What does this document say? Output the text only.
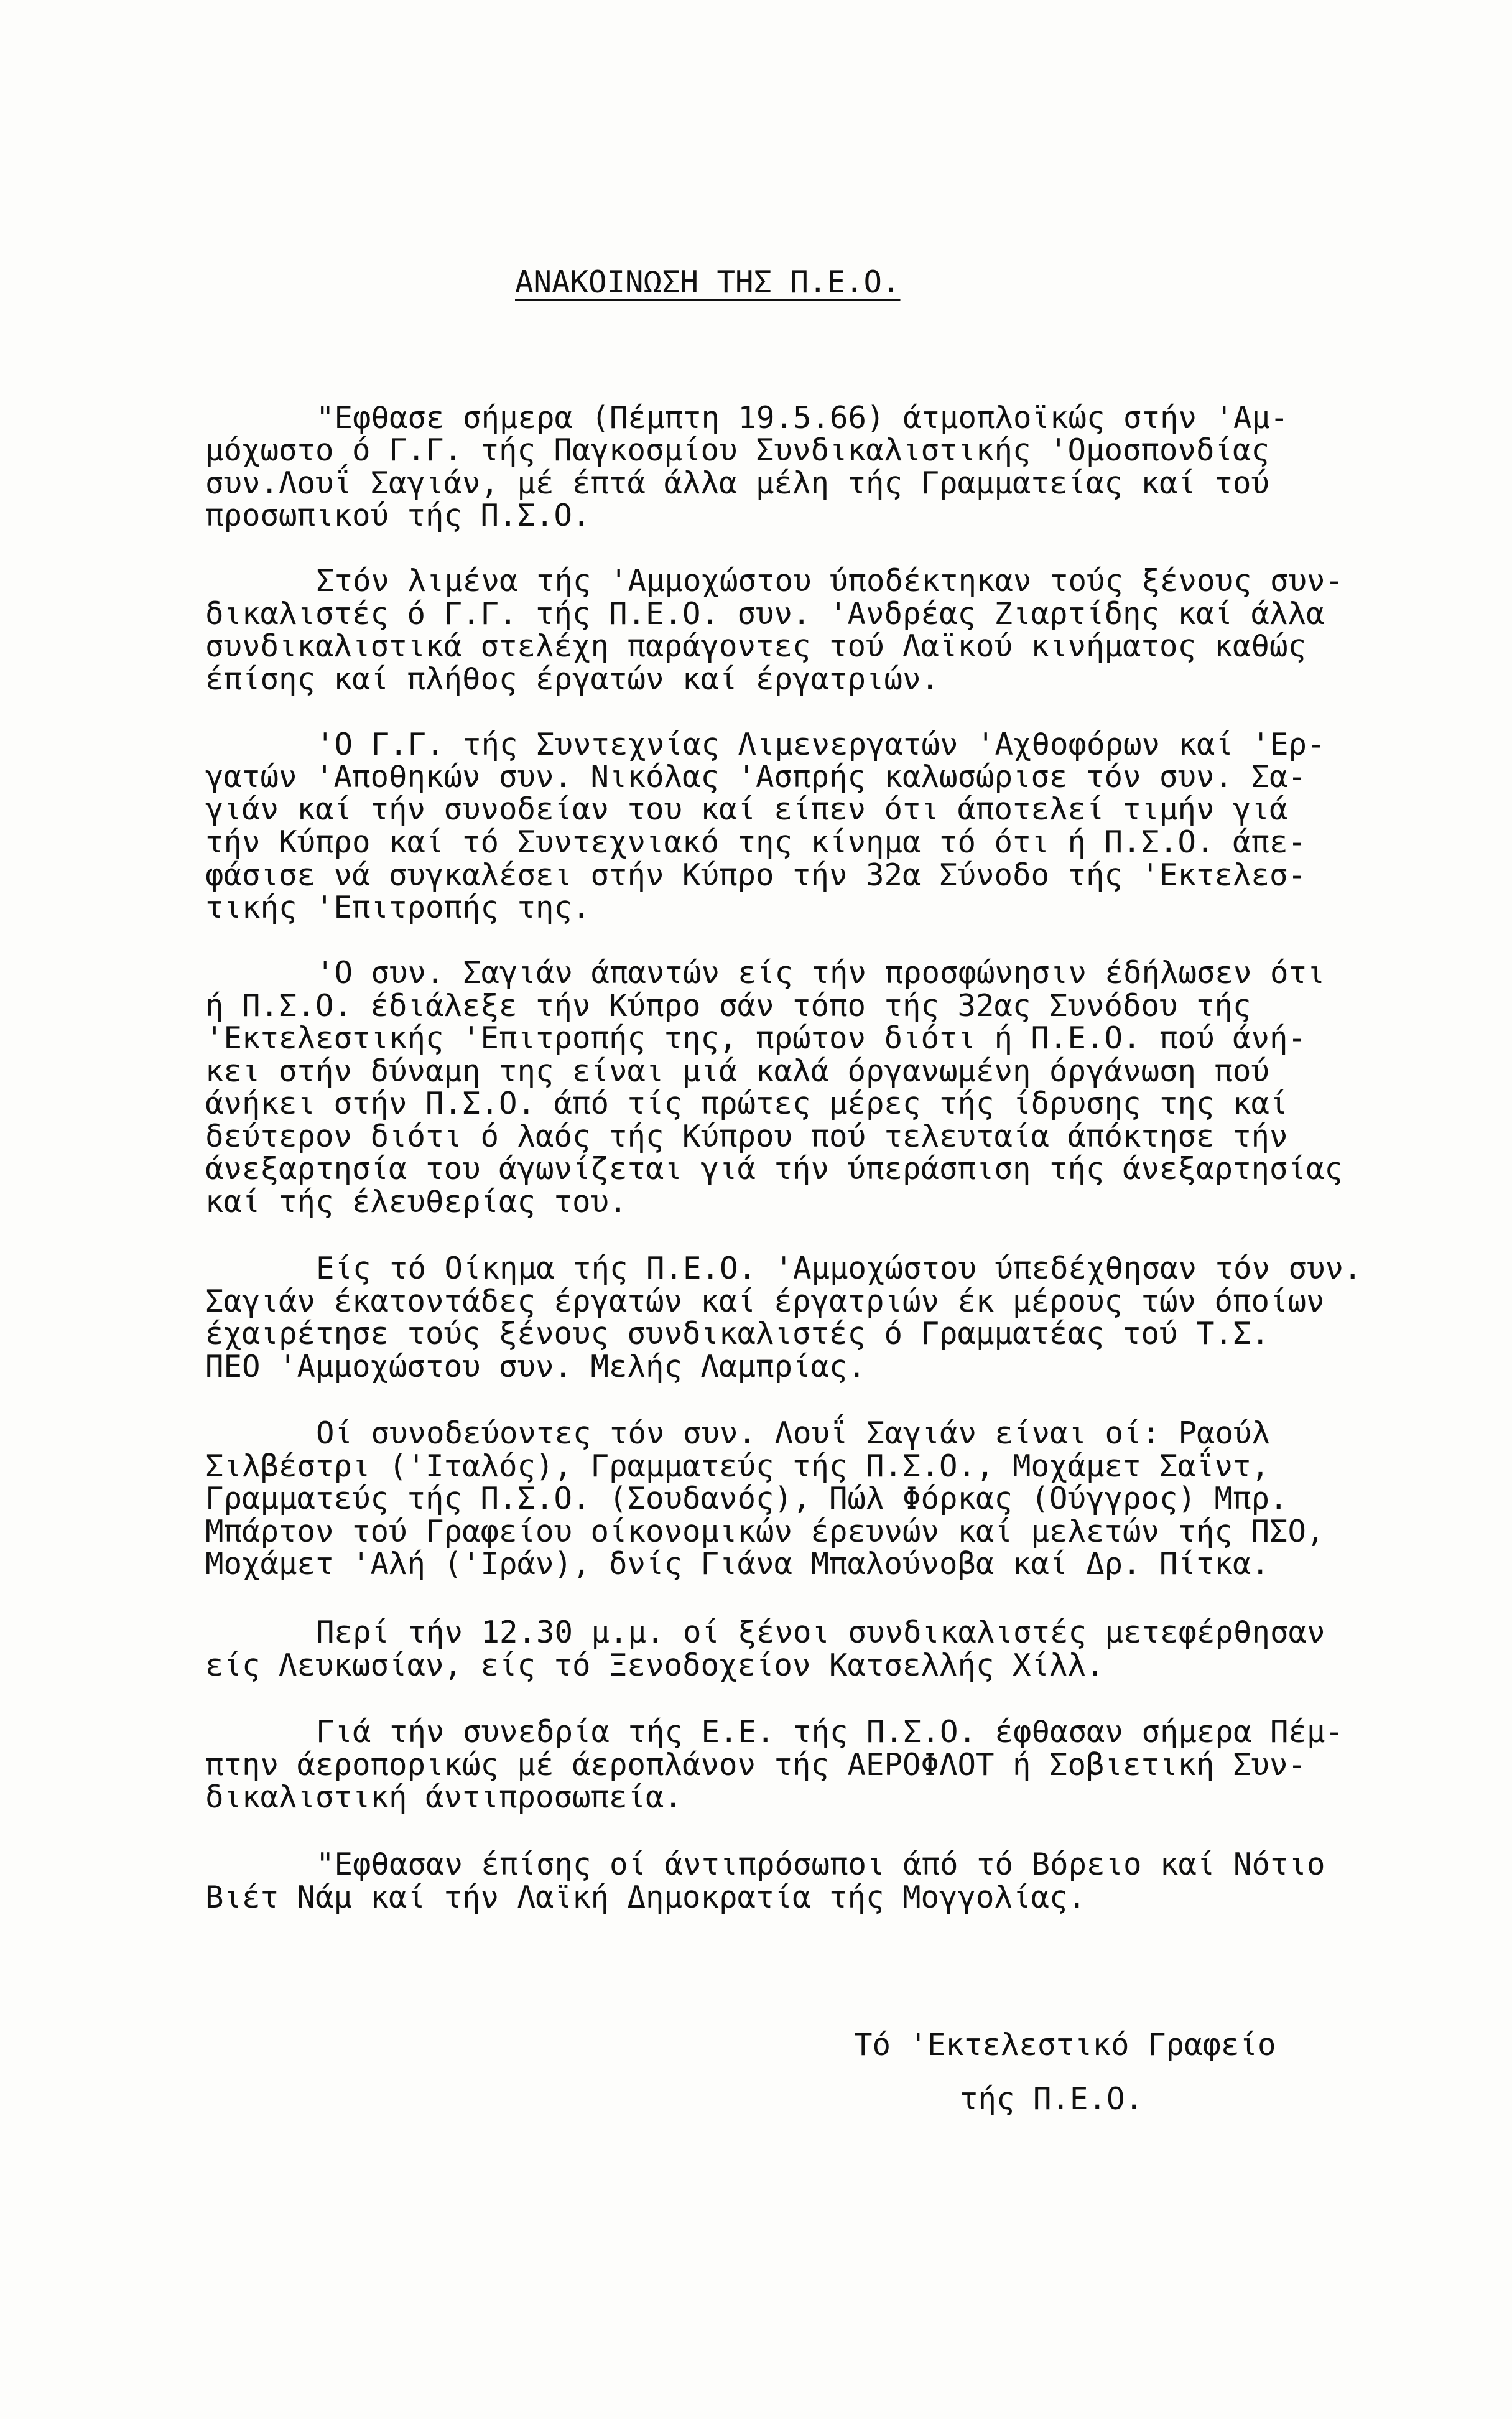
ΑΝΑΚΟΙΝΩΣΗ ΤΗΣ Π.Ε.Ο.
"Εφθασε σήμερα (Πέμπτη 19.5.66) άτμοπλοϊκώς στήν 'Αμ-
μόχωστο ό Γ.Γ. τής Παγκοσμίου Συνδικαλιστικής 'Ομοσπονδίας
συν.Λουΐ Σαγιάν, μέ έπτά άλλα μέλη τής Γραμματείας καί τού
προσωπικού τής Π.Σ.Ο.
Στόν λιμένα τής 'Αμμοχώστου ύποδέκτηκαν τούς ξένους συν-
δικαλιστές ό Γ.Γ. τής Π.Ε.Ο. συν. 'Ανδρέας Ζιαρτίδης καί άλλα
συνδικαλιστικά στελέχη παράγοντες τού Λαϊκού κινήματος καθώς
έπίσης καί πλήθος έργατών καί έργατριών.
'Ο Γ.Γ. τής Συντεχνίας Λιμενεργατών 'Αχθοφόρων καί 'Ερ-
γατών 'Αποθηκών συν. Νικόλας 'Ασπρής καλωσώρισε τόν συν. Σα-
γιάν καί τήν συνοδείαν του καί είπεν ότι άποτελεί τιμήν γιά
τήν Κύπρο καί τό Συντεχνιακό της κίνημα τό ότι ή Π.Σ.Ο. άπε-
φάσισε νά συγκαλέσει στήν Κύπρο τήν 32α Σύνοδο τής 'Εκτελεσ-
τικής 'Επιτροπής της.
'Ο συν. Σαγιάν άπαντών είς τήν προσφώνησιν έδήλωσεν ότι
ή Π.Σ.Ο. έδιάλεξε τήν Κύπρο σάν τόπο τής 32ας Συνόδου τής
'Εκτελεστικής 'Επιτροπής της, πρώτον διότι ή Π.Ε.Ο. πού άνή-
κει στήν δύναμη της είναι μιά καλά όργανωμένη όργάνωση πού
άνήκει στήν Π.Σ.Ο. άπό τίς πρώτες μέρες τής ίδρυσης της καί
δεύτερον διότι ό λαός τής Κύπρου πού τελευταία άπόκτησε τήν
άνεξαρτησία του άγωνίζεται γιά τήν ύπεράσπιση τής άνεξαρτησίας
καί τής έλευθερίας του.
Είς τό Οίκημα τής Π.Ε.Ο. 'Αμμοχώστου ύπεδέχθησαν τόν συν.
Σαγιάν έκατοντάδες έργατών καί έργατριών έκ μέρους τών όποίων
έχαιρέτησε τούς ξένους συνδικαλιστές ό Γραμματέας τού Τ.Σ.
ΠΕΟ 'Αμμοχώστου συν. Μελής Λαμπρίας.
Οί συνοδεύοντες τόν συν. Λουΐ Σαγιάν είναι οί: Ραούλ
Σιλβέστρι ('Ιταλός), Γραμματεύς τής Π.Σ.Ο., Μοχάμετ Σαΐντ,
Γραμματεύς τής Π.Σ.Ο. (Σουδανός), Πώλ Φόρκας (Ούγγρος) Μπρ.
Μπάρτον τού Γραφείου οίκονομικών έρευνών καί μελετών τής ΠΣΟ,
Μοχάμετ 'Αλή ('Ιράν), δνίς Γιάνα Μπαλούνοβα καί Δρ. Πίτκα.
Περί τήν 12.30 μ.μ. οί ξένοι συνδικαλιστές μετεφέρθησαν
είς Λευκωσίαν, είς τό Ξενοδοχείον Κατσελλής Χίλλ.
Γιά τήν συνεδρία τής Ε.Ε. τής Π.Σ.Ο. έφθασαν σήμερα Πέμ-
πτην άεροπορικώς μέ άεροπλάνον τής ΑΕΡΟΦΛΟΤ ή Σοβιετική Συν-
δικαλιστική άντιπροσωπεία.
"Εφθασαν έπίσης οί άντιπρόσωποι άπό τό Βόρειο καί Νότιο
Βιέτ Νάμ καί τήν Λαϊκή Δημοκρατία τής Μογγολίας.
Τό 'Εκτελεστικό Γραφείο
τής Π.Ε.Ο.
